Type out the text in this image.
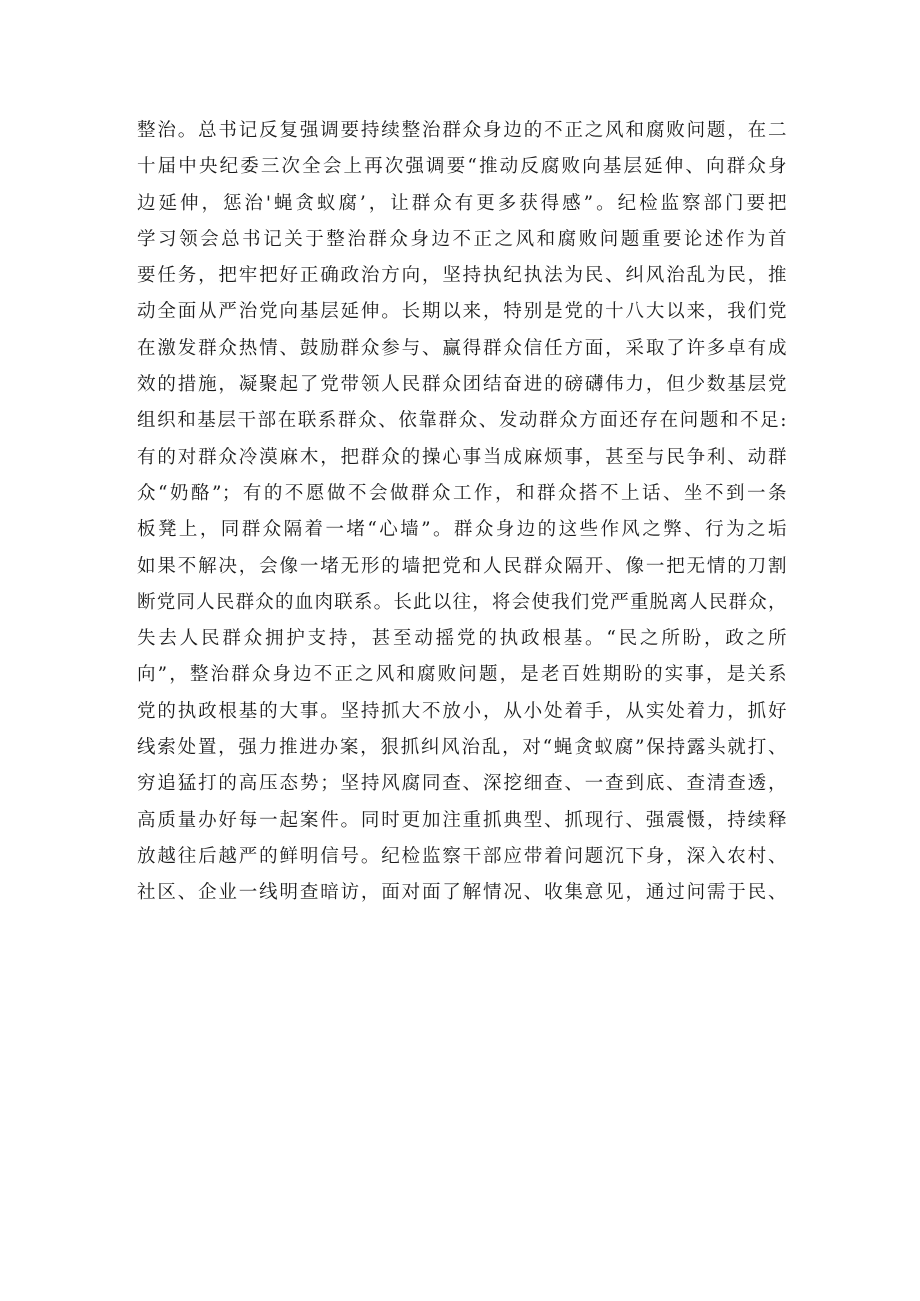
整治。总书记反复强调要持续整治群众身边的不正之风和腐败问题，在二
十届中央纪委三次全会上再次强调要“推动反腐败向基层延伸、向群众身
边延伸，惩治'蝇贪蚁腐’，让群众有更多获得感”。纪检监察部门要把
学习领会总书记关于整治群众身边不正之风和腐败问题重要论述作为首
要任务，把牢把好正确政治方向，坚持执纪执法为民、纠风治乱为民，推
动全面从严治党向基层延伸。长期以来，特别是党的十八大以来，我们党
在激发群众热情、鼓励群众参与、赢得群众信任方面，采取了许多卓有成
效的措施，凝聚起了党带领人民群众团结奋进的磅礴伟力，但少数基层党
组织和基层干部在联系群众、依靠群众、发动群众方面还存在问题和不足:
有的对群众冷漠麻木，把群众的操心事当成麻烦事，甚至与民争利、动群
众“奶酪”；有的不愿做不会做群众工作，和群众搭不上话、坐不到一条
板凳上，同群众隔着一堵“心墙”。群众身边的这些作风之弊、行为之垢
如果不解决，会像一堵无形的墙把党和人民群众隔开、像一把无情的刀割
断党同人民群众的血肉联系。长此以往，将会使我们党严重脱离人民群众，
失去人民群众拥护支持，甚至动摇党的执政根基。“民之所盼，政之所
向”，整治群众身边不正之风和腐败问题，是老百姓期盼的实事，是关系
党的执政根基的大事。坚持抓大不放小，从小处着手，从实处着力，抓好
线索处置，强力推进办案，狠抓纠风治乱，对“蝇贪蚁腐”保持露头就打、
穷追猛打的高压态势；坚持风腐同查、深挖细查、一查到底、查清查透，
高质量办好每一起案件。同时更加注重抓典型、抓现行、强震慑，持续释
放越往后越严的鲜明信号。纪检监察干部应带着问题沉下身，深入农村、
社区、企业一线明查暗访，面对面了解情况、收集意见，通过问需于民、
